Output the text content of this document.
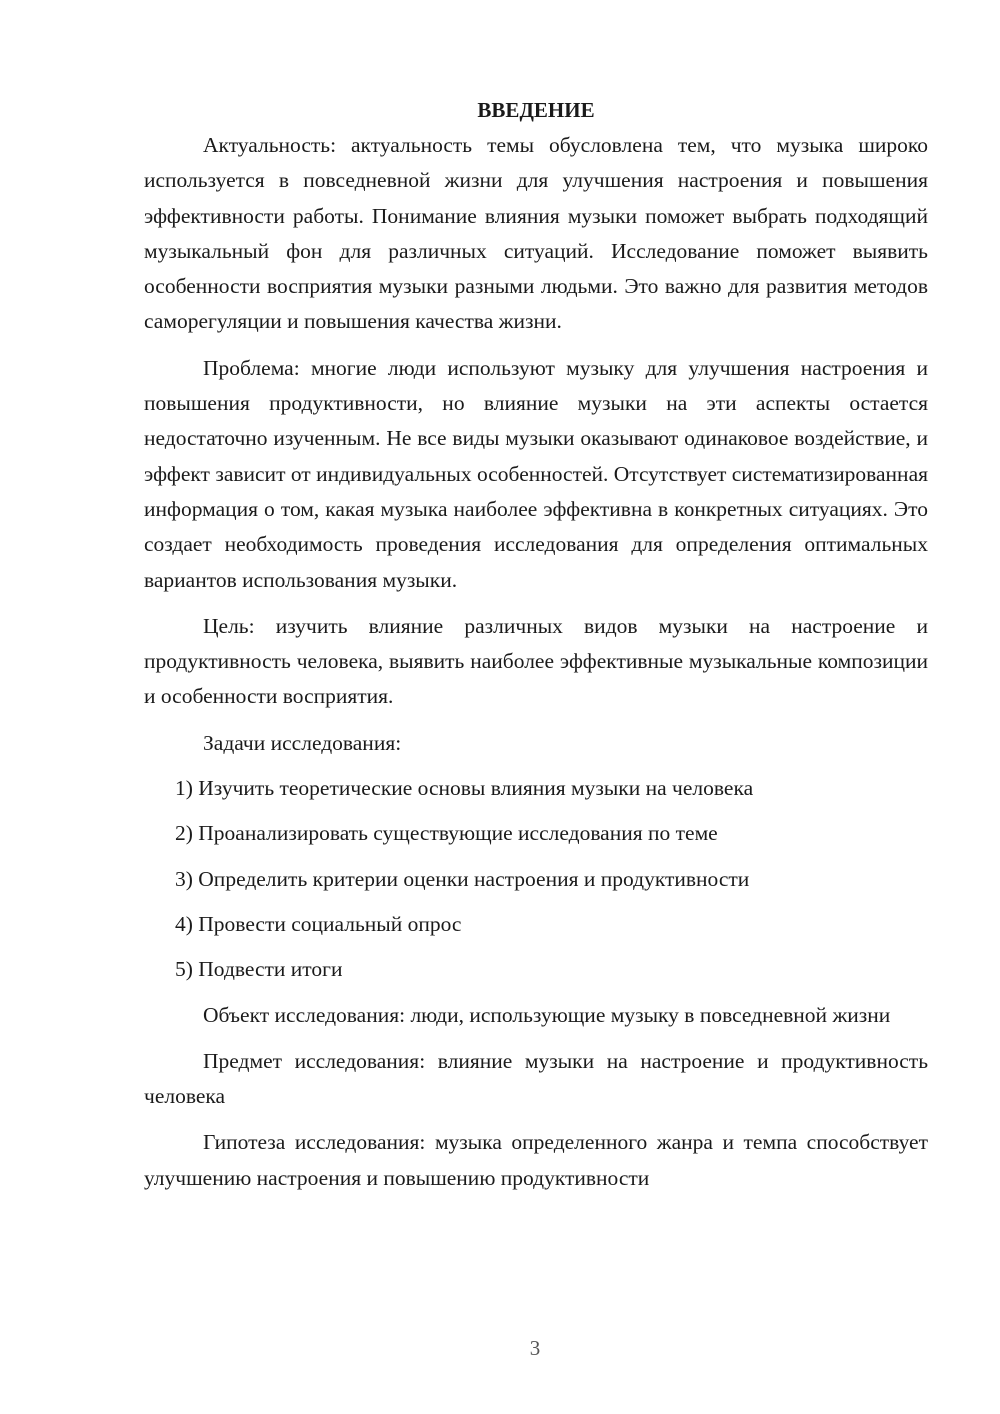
ВВЕДЕНИЕ

Актуальность: актуальность темы обусловлена тем, что музыка широко используется в повседневной жизни для улучшения настроения и повышения эффективности работы. Понимание влияния музыки поможет выбрать подходящий музыкальный фон для различных ситуаций. Исследование поможет выявить особенности восприятия музыки разными людьми. Это важно для развития методов саморегуляции и повышения качества жизни.

Проблема: многие люди используют музыку для улучшения настроения и повышения продуктивности, но влияние музыки на эти аспекты остается недостаточно изученным. Не все виды музыки оказывают одинаковое воздействие, и эффект зависит от индивидуальных особенностей. Отсутствует систематизированная информация о том, какая музыка наиболее эффективна в конкретных ситуациях. Это создает необходимость проведения исследования для определения оптимальных вариантов использования музыки.

Цель: изучить влияние различных видов музыки на настроение и продуктивность человека, выявить наиболее эффективные музыкальные композиции и особенности восприятия.

Задачи исследования:

1) Изучить теоретические основы влияния музыки на человека
2) Проанализировать существующие исследования по теме
3) Определить критерии оценки настроения и продуктивности
4) Провести социальный опрос
5) Подвести итоги

Объект исследования: люди, использующие музыку в повседневной жизни

Предмет исследования: влияние музыки на настроение и продуктивность человека

Гипотеза исследования: музыка определенного жанра и темпа способствует улучшению настроения и повышению продуктивности

3
